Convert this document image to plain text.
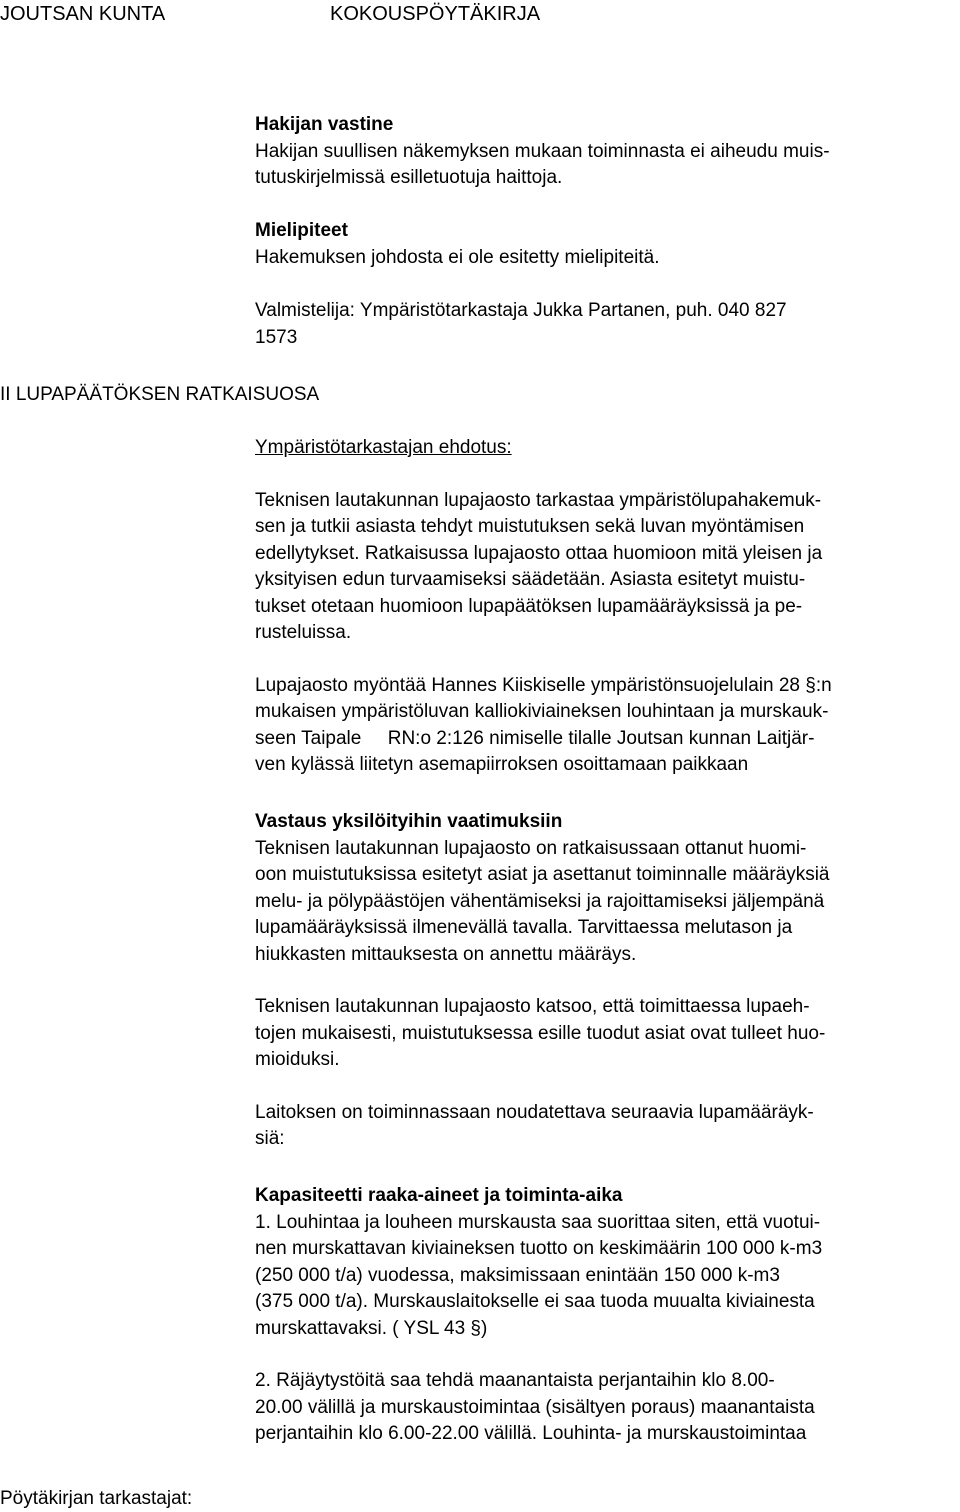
JOUTSAN KUNTA	KOKOUSPÖYTÄKIRJA
Hakijan vastine
Hakijan suullisen näkemyksen mukaan toiminnasta ei aiheudu muis-
tutuskirjelmissä esilletuotuja haittoja.
Mielipiteet
Hakemuksen johdosta ei ole esitetty mielipiteitä.
Valmistelija: Ympäristötarkastaja Jukka Partanen, puh. 040 827
1573
II LUPAPÄÄTÖKSEN RATKAISUOSA
Ympäristötarkastajan ehdotus:
Teknisen lautakunnan lupajaosto tarkastaa ympäristölupahakemuk-
sen ja tutkii asiasta tehdyt muistutuksen sekä luvan myöntämisen
edellytykset. Ratkaisussa lupajaosto ottaa huomioon mitä yleisen ja
yksityisen edun turvaamiseksi säädetään. Asiasta esitetyt muistu-
tukset otetaan huomioon lupapäätöksen lupamääräyksissä ja pe-
rusteluissa.
Lupajaosto myöntää Hannes Kiiskiselle ympäristönsuojelulain 28 §:n
mukaisen ympäristöluvan kalliokiviaineksen louhintaan ja murskauk-
seen Taipale     RN:o 2:126 nimiselle tilalle Joutsan kunnan Laitjär-
ven kylässä liitetyn asemapiirroksen osoittamaan paikkaan
Vastaus yksilöityihin vaatimuksiin
Teknisen lautakunnan lupajaosto on ratkaisussaan ottanut huomi-
oon muistutuksissa esitetyt asiat ja asettanut toiminnalle määräyksiä
melu- ja pölypäästöjen vähentämiseksi ja rajoittamiseksi jäljempänä
lupamääräyksissä ilmenevällä tavalla. Tarvittaessa melutason ja
hiukkasten mittauksesta on annettu määräys.
Teknisen lautakunnan lupajaosto katsoo, että toimittaessa lupaeh-
tojen mukaisesti, muistutuksessa esille tuodut asiat ovat tulleet huo-
mioiduksi.
Laitoksen on toiminnassaan noudatettava seuraavia lupamääräyk-
siä:
Kapasiteetti raaka-aineet ja toiminta-aika
1. Louhintaa ja louheen murskausta saa suorittaa siten, että vuotui-
nen murskattavan kiviaineksen tuotto on keskimäärin 100 000 k-m3
(250 000 t/a) vuodessa, maksimissaan enintään 150 000 k-m3
(375 000 t/a). Murskauslaitokselle ei saa tuoda muualta kiviainesta
murskattavaksi. ( YSL 43 §)
2. Räjäytystöitä saa tehdä maanantaista perjantaihin klo 8.00-
20.00 välillä ja murskaustoimintaa (sisältyen poraus) maanantaista
perjantaihin klo 6.00-22.00 välillä. Louhinta- ja murskaustoimintaa
Pöytäkirjan tarkastajat:
